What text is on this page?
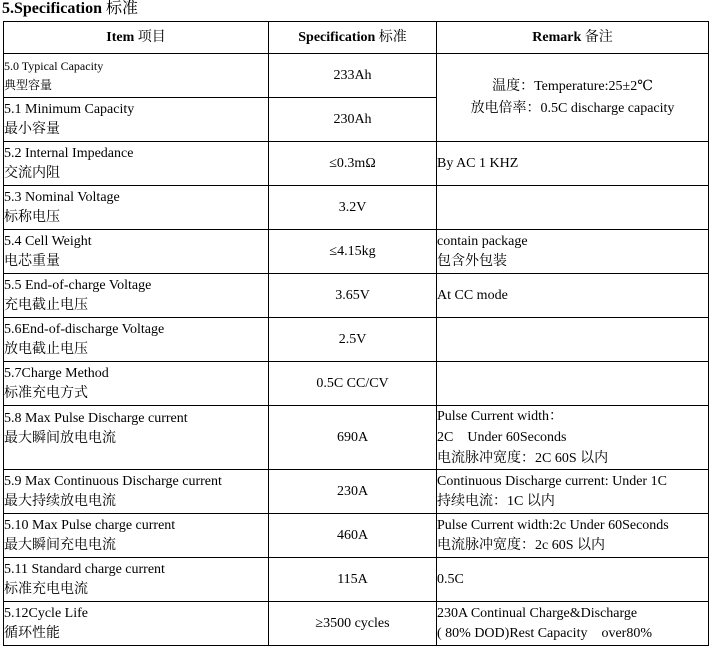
5.Specification 标准
Item 项目	Specification 标准	Remark 备注

5.0 Typical Capacity
典型容量	233Ah	温度：Temperature:25±2℃
放电倍率：0.5C discharge capacity

5.1 Minimum Capacity
最小容量	230Ah	

5.2 Internal Impedance
交流内阻	≤0.3mΩ	By AC 1 KHZ

5.3 Nominal Voltage
标称电压	3.2V	

5.4 Cell Weight
电芯重量	≤4.15kg	contain package
包含外包装

5.5 End-of-charge Voltage
充电截止电压	3.65V	At CC mode

5.6End-of-discharge Voltage
放电截止电压	2.5V	

5.7Charge Method
标准充电方式	0.5C CC/CV	

5.8 Max Pulse Discharge current
最大瞬间放电电流	690A	Pulse Current width：
2C    Under 60Seconds
电流脉冲宽度：2C 60S 以内

5.9 Max Continuous Discharge current
最大持续放电电流	230A	Continuous Discharge current: Under 1C
持续电流：1C 以内

5.10 Max Pulse charge current
最大瞬间充电电流	460A	Pulse Current width:2c Under 60Seconds
电流脉冲宽度：2c 60S 以内

5.11 Standard charge current
标准充电电流	115A	0.5C

5.12Cycle Life
循环性能	≥3500 cycles	230A Continual Charge&Discharge
( 80% DOD)Rest Capacity    over80%
